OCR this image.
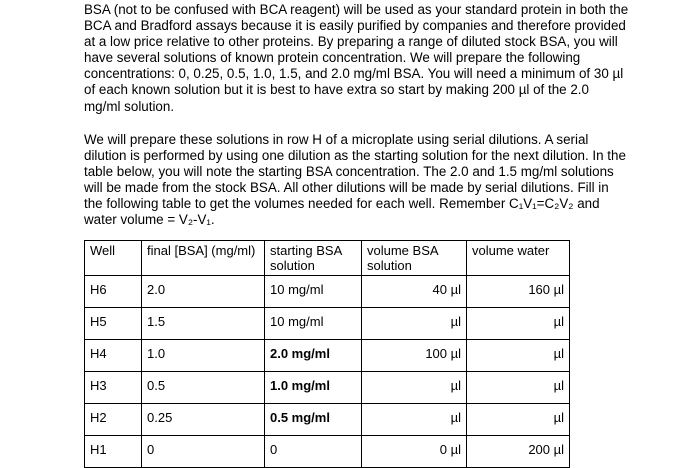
BSA (not to be confused with BCA reagent) will be used as your standard protein in both the BCA and Bradford assays because it is easily purified by companies and therefore provided at a low price relative to other proteins. By preparing a range of diluted stock BSA, you will have several solutions of known protein concentration. We will prepare the following concentrations: 0, 0.25, 0.5, 1.0, 1.5, and 2.0 mg/ml BSA. You will need a minimum of 30 µl of each known solution but it is best to have extra so start by making 200 µl of the 2.0 mg/ml solution.
We will prepare these solutions in row H of a microplate using serial dilutions. A serial dilution is performed by using one dilution as the starting solution for the next dilution. In the table below, you will note the starting BSA concentration. The 2.0 and 1.5 mg/ml solutions will be made from the stock BSA. All other dilutions will be made by serial dilutions. Fill in the following table to get the volumes needed for each well. Remember C₁V₁=C₂V₂ and water volume = V₂-V₁.
Well	final [BSA] (mg/ml)	starting BSA solution	volume BSA solution	volume water
H6	2.0	10 mg/ml	40 µl	160 µl
H5	1.5	10 mg/ml	µl	µl
H4	1.0	2.0 mg/ml	100 µl	µl
H3	0.5	1.0 mg/ml	µl	µl
H2	0.25	0.5 mg/ml	µl	µl
H1	0	0	0 µl	200 µl
